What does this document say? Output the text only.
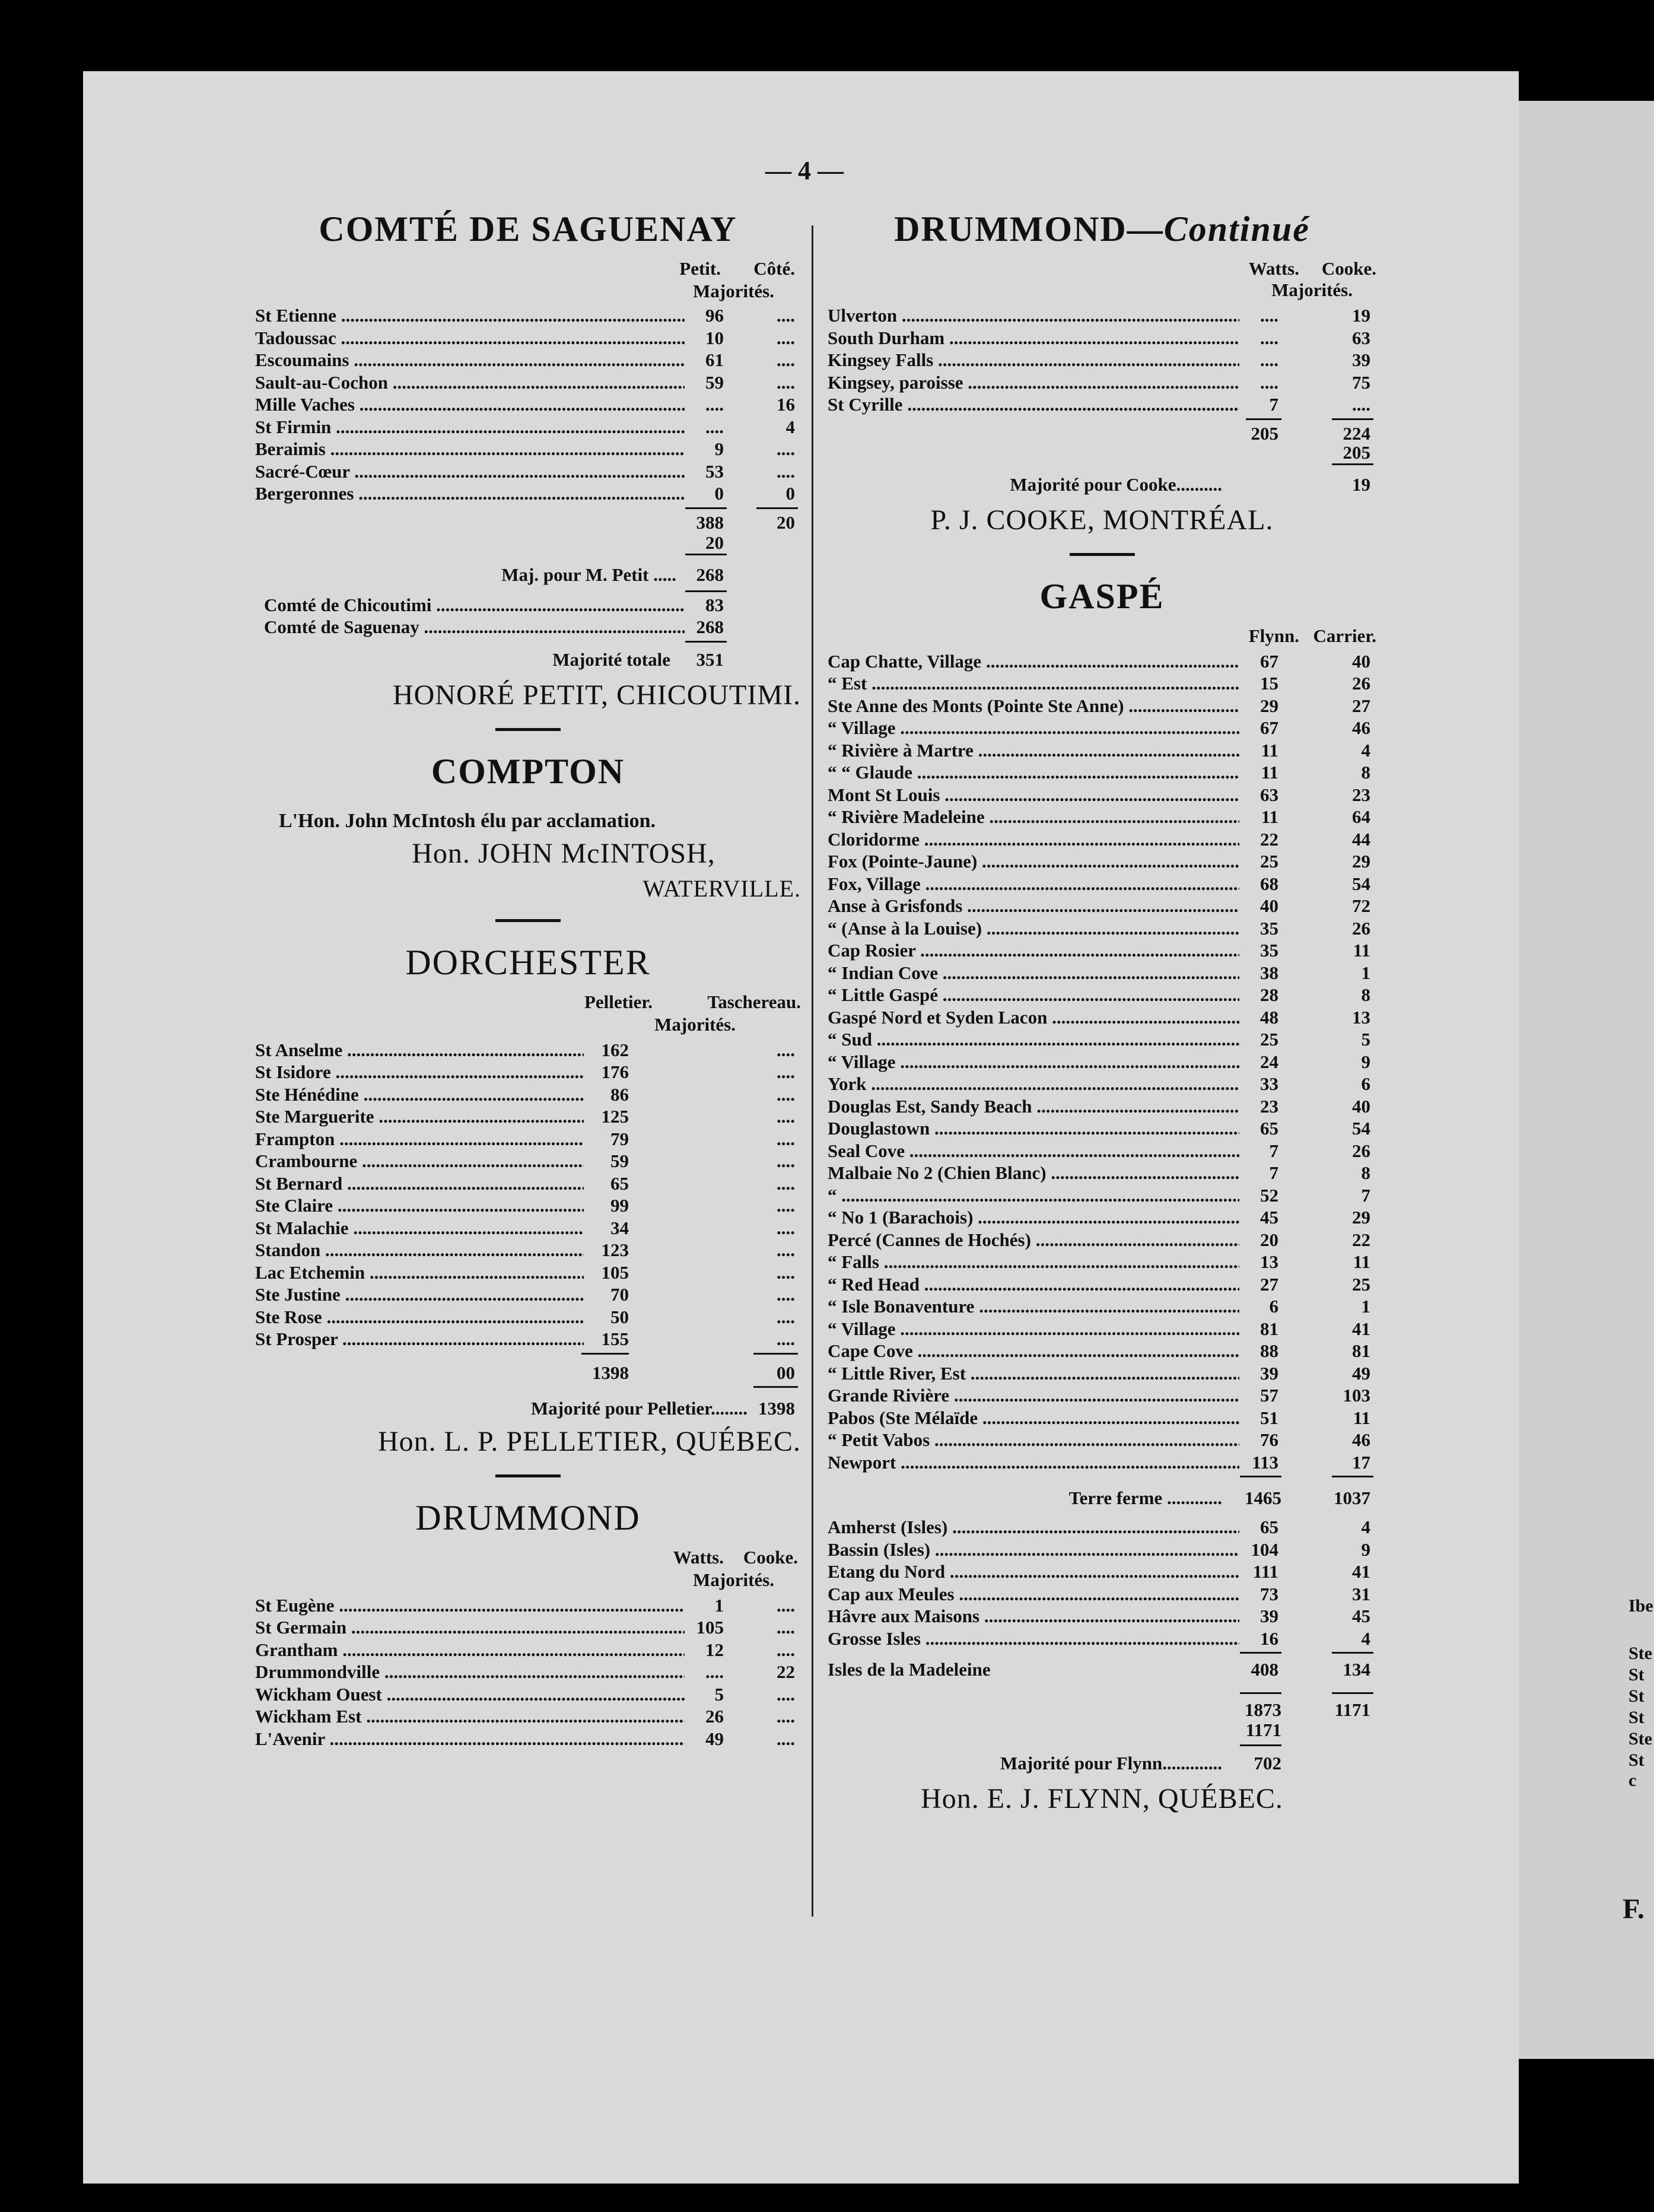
Ibe
Ste
St
St
St
Ste
St c
F.
— 4 —
COMTÉ DE SAGUENAY
Petit. Côté.
Majorités.
St Etienne .....	96	....
Tadoussac .....	10	....
Escoumains .....	61	....
Sault-au-Cochon .....	59	....
Mille Vaches .....	....	16
St Firmin .....	....	4
Beraimis .....	9	....
Sacré-Cœur .....	53	....
Bergeronnes .....	0	0
388	20
20
Maj. pour M. Petit ..... 268
Comté de Chicoutimi .....	83
Comté de Saguenay .....	268
Majorité totale 351
HONORÉ PETIT, CHICOUTIMI.
COMPTON
L'Hon. John McIntosh élu par acclamation.
Hon. JOHN McINTOSH,
WATERVILLE.
DORCHESTER
Pelletier.	Taschereau.
Majorités.
St Anselme .....	162	....
St Isidore .....	176	....
Ste Hénédine .....	86	....
Ste Marguerite .....	125	....
Frampton .....	79	....
Crambourne .....	59	....
St Bernard .....	65	....
Ste Claire .....	99	....
St Malachie .....	34	....
Standon .....	123	....
Lac Etchemin .....	105	....
Ste Justine .....	70	....
Ste Rose .....	50	....
St Prosper .....	155	....
1398	00
Majorité pour Pelletier........ 1398
Hon. L. P. PELLETIER, QUÉBEC.
DRUMMOND
Watts. Cooke.
Majorités.
St Eugène .....	1	....
St Germain .....	105	....
Grantham .....	12	....
Drummondville .....	....	22
Wickham Ouest .....	5	....
Wickham Est .....	26	....
L'Avenir .....	49	....
DRUMMOND—Continué
Watts. Cooke.
Majorités.
Ulverton .....	....	19
South Durham .....	....	63
Kingsey Falls .....	....	39
Kingsey, paroisse .....	....	75
St Cyrille .....	7	....
205	224
205
Majorité pour Cooke..........	19
P. J. COOKE, MONTRÉAL.
GASPÉ
Flynn. Carrier.
Cap Chatte, Village .....	67	40
“ Est .....	15	26
Ste Anne des Monts (Pointe Ste Anne) .....	29	27
“ Village .....	67	46
“ Rivière à Martre .....	11	4
“ “ Glaude .....	11	8
Mont St Louis .....	63	23
“ Rivière Madeleine .....	11	64
Cloridorme .....	22	44
Fox (Pointe-Jaune) .....	25	29
Fox, Village .....	68	54
Anse à Grisfonds .....	40	72
“ (Anse à la Louise) .....	35	26
Cap Rosier .....	35	11
“ Indian Cove .....	38	1
“ Little Gaspé .....	28	8
Gaspé Nord et Syden Lacon .....	48	13
“ Sud .....	25	5
“ Village .....	24	9
York .....	33	6
Douglas Est, Sandy Beach .....	23	40
Douglastown .....	65	54
Seal Cove .....	7	26
Malbaie No 2 (Chien Blanc) .....	7	8
“ .....	52	7
“ No 1 (Barachois) .....	45	29
Percé (Cannes de Hochés) .....	20	22
“ Falls .....	13	11
“ Red Head .....	27	25
“ Isle Bonaventure .....	6	1
“ Village .....	81	41
Cape Cove .....	88	81
“ Little River, Est .....	39	49
Grande Rivière .....	57	103
Pabos (Ste Mélaïde .....	51	11
“ Petit Vabos .....	76	46
Newport .....	113	17
Terre ferme ............ 1465	1037
Amherst (Isles) .....	65	4
Bassin (Isles) .....	104	9
Etang du Nord .....	111	41
Cap aux Meules .....	73	31
Hâvre aux Maisons .....	39	45
Grosse Isles .....	16	4
Isles de la Madeleine	408	134
1873	1171
1171
Majorité pour Flynn............. 702
Hon. E. J. FLYNN, QUÉBEC.
